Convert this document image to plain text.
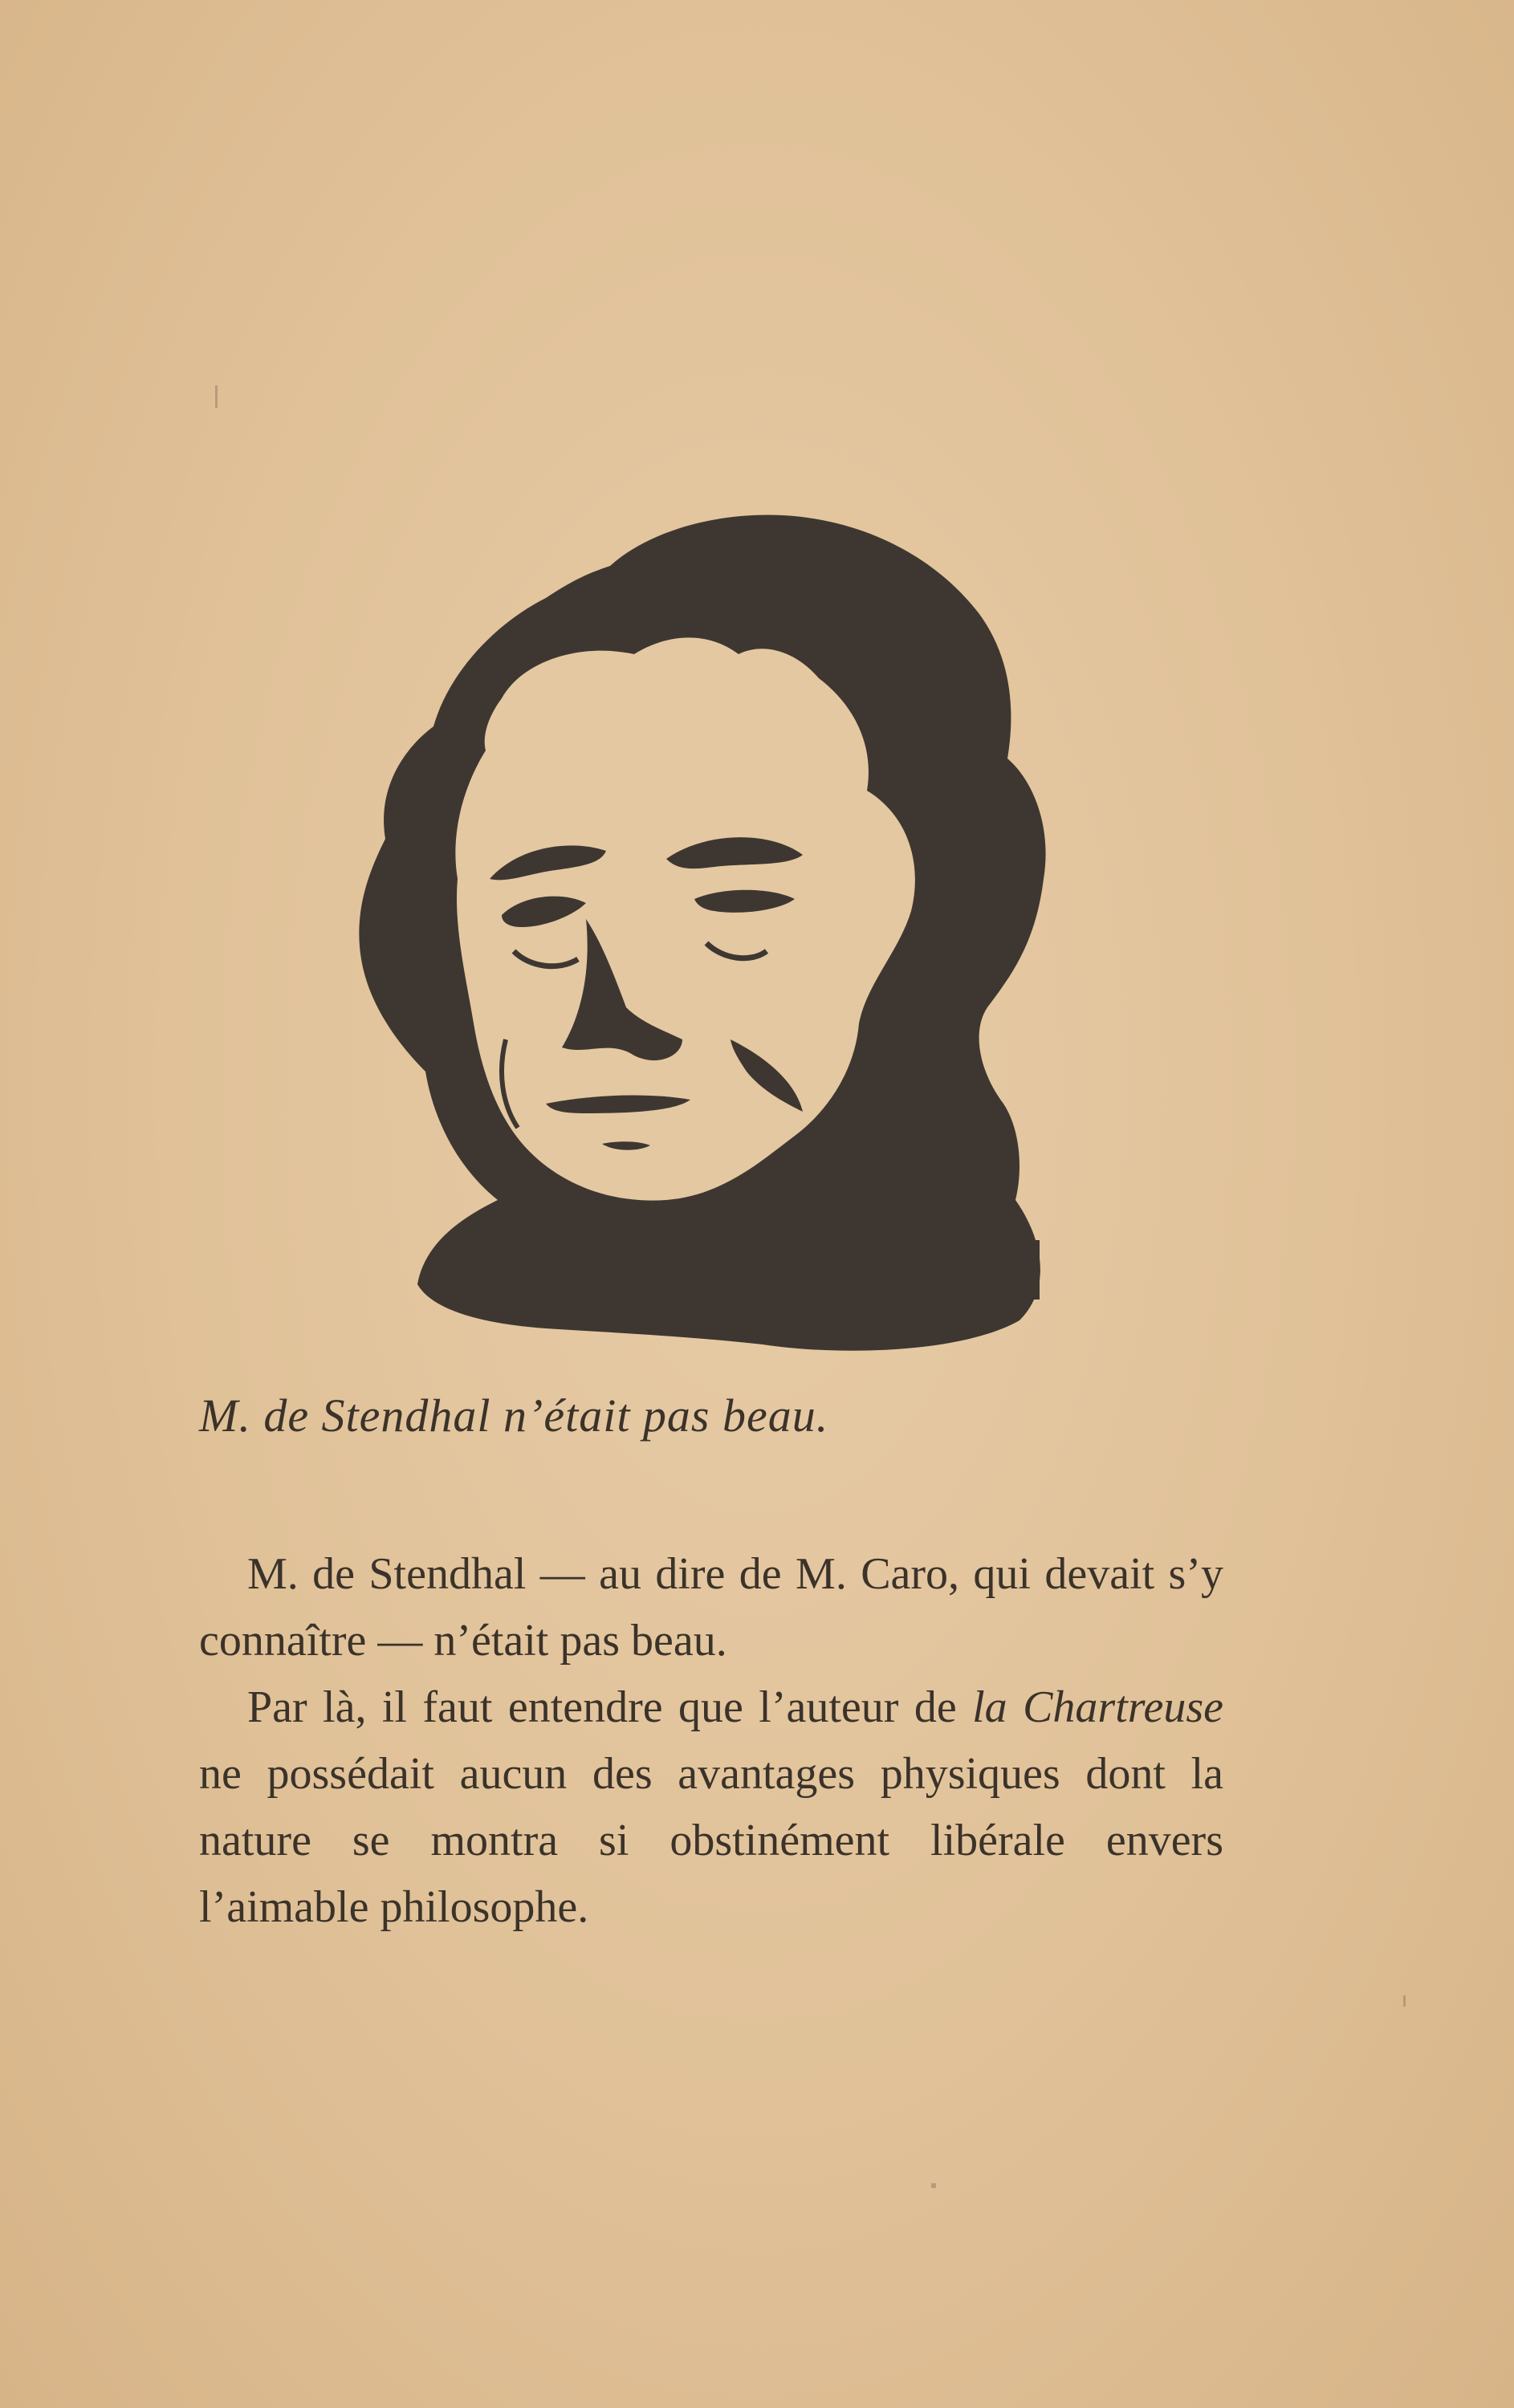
FV
M. de Stendhal n’était pas beau.

M. de Stendhal — au dire de M. Caro, qui devait s’y connaître — n’était pas beau.

Par là, il faut entendre que l’auteur de la Chartreuse ne possédait aucun des avantages physiques dont la nature se montra si obstinément libérale envers l’aimable philosophe.
